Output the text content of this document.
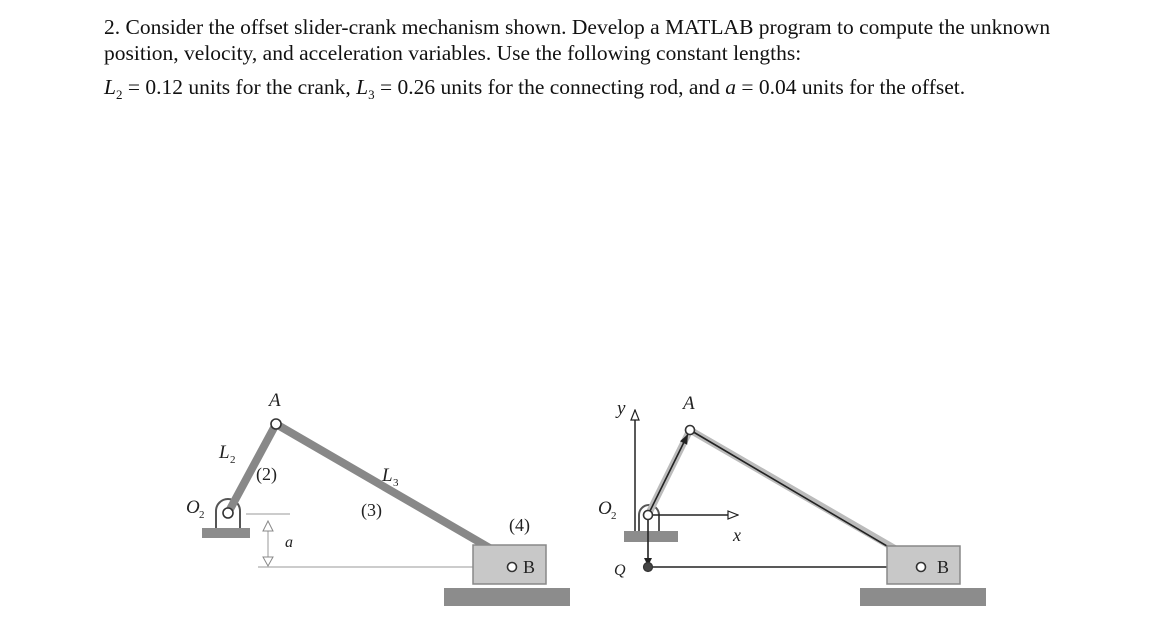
2. Consider the offset slider-crank mechanism shown. Develop a MATLAB program to compute the unknown position, velocity, and acceleration variables. Use the following constant lengths:

$L_2 = 0.12$ units for the crank, $L_3 = 0.26$ units for the connecting rod, and a = 0.04 units for the offset.

A
L 2
(2)	L 3
(3)
O 2
a
(4)
B
y	A
O 2
x
Q	B
